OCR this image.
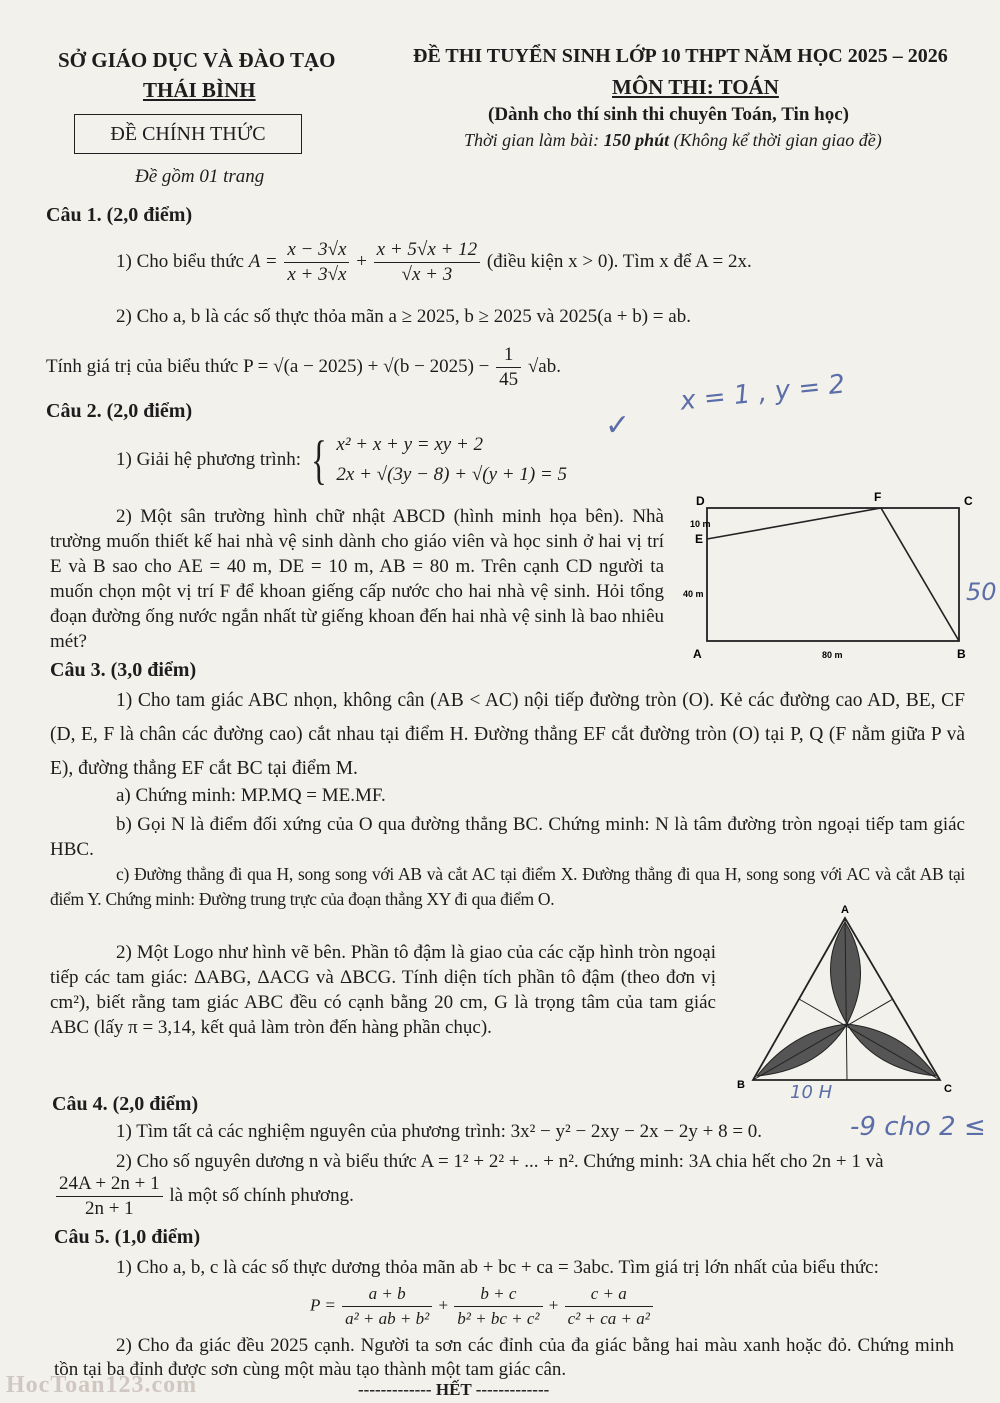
SỞ GIÁO DỤC VÀ ĐÀO TẠO
THÁI BÌNH
ĐỀ CHÍNH THỨC
Đề gồm 01 trang
ĐỀ THI TUYỂN SINH LỚP 10 THPT NĂM HỌC 2025 – 2026
MÔN THI: TOÁN
(Dành cho thí sinh thi chuyên Toán, Tin học)
Thời gian làm bài: 150 phút (Không kể thời gian giao đề)
Câu 1. (2,0 điểm)
1) Cho biểu thức $A = \frac{x - 3√x}{x + 3√x} + \frac{x + 5√x + 12}{√x + 3}$ (điều kiện x > 0). Tìm x để A = 2x.
2) Cho a, b là các số thực thỏa mãn a ≥ 2025, b ≥ 2025 và 2025(a + b) = ab.
Tính giá trị của biểu thức $P = √(a - 2025) + √(b - 2025) - \frac{1}{45} √ab$.
Câu 2. (2,0 điểm)
1) Giải hệ phương trình: { x² + x + y = xy + 2
2x + √(3y − 8) + √(y + 1) = 5
2) Một sân trường hình chữ nhật ABCD (hình minh họa bên). Nhà trường muốn thiết kế hai nhà vệ sinh dành cho giáo viên và học sinh ở hai vị trí E và B sao cho AE = 40 m, DE = 10 m, AB = 80 m. Trên cạnh CD người ta muốn chọn một vị trí F để khoan giếng cấp nước cho hai nhà vệ sinh. Hỏi tổng đoạn đường ống nước ngắn nhất từ giếng khoan đến hai nhà vệ sinh là bao nhiêu mét?
D	F	C
E
A	B
10 m
40 m
80 m
Câu 3. (3,0 điểm)
1) Cho tam giác ABC nhọn, không cân (AB < AC) nội tiếp đường tròn (O). Kẻ các đường cao AD, BE, CF (D, E, F là chân các đường cao) cắt nhau tại điểm H. Đường thẳng EF cắt đường tròn (O) tại P, Q (F nằm giữa P và E), đường thẳng EF cắt BC tại điểm M.
a) Chứng minh: MP.MQ = ME.MF.
b) Gọi N là điểm đối xứng của O qua đường thẳng BC. Chứng minh: N là tâm đường tròn ngoại tiếp tam giác HBC.
c) Đường thẳng đi qua H, song song với AB và cắt AC tại điểm X. Đường thẳng đi qua H, song song với AC và cắt AB tại điểm Y. Chứng minh: Đường trung trực của đoạn thẳng XY đi qua điểm O.
2) Một Logo như hình vẽ bên. Phần tô đậm là giao của các cặp hình tròn ngoại tiếp các tam giác: ΔABG, ΔACG và ΔBCG. Tính diện tích phần tô đậm (theo đơn vị cm²), biết rằng tam giác ABC đều có cạnh bằng 20 cm, G là trọng tâm của tam giác ABC (lấy π = 3,14, kết quả làm tròn đến hàng phần chục).
A
B	C
Câu 4. (2,0 điểm)
1) Tìm tất cả các nghiệm nguyên của phương trình: 3x² − y² − 2xy − 2x − 2y + 8 = 0.
2) Cho số nguyên dương n và biểu thức A = 1² + 2² + ... + n². Chứng minh: 3A chia hết cho 2n + 1 và
$\frac{24A + 2n + 1}{2n + 1}$ là một số chính phương.
Câu 5. (1,0 điểm)
1) Cho a, b, c là các số thực dương thỏa mãn ab + bc + ca = 3abc. Tìm giá trị lớn nhất của biểu thức:
$P = \frac{a + b}{\text{a² + ab + b²}} + \frac{b + c}{\text{b² + bc + c²}} + \frac{c + a}{\text{c² + ca + a²}}$
2) Cho đa giác đều 2025 cạnh. Người ta sơn các đỉnh của đa giác bằng hai màu xanh hoặc đỏ. Chứng minh tồn tại ba đỉnh được sơn cùng một màu tạo thành một tam giác cân.
------------- HẾT -------------
HocToan123.com
x = 1 , y = 2
✓
50
-9 cho 2 ≤
10 H
